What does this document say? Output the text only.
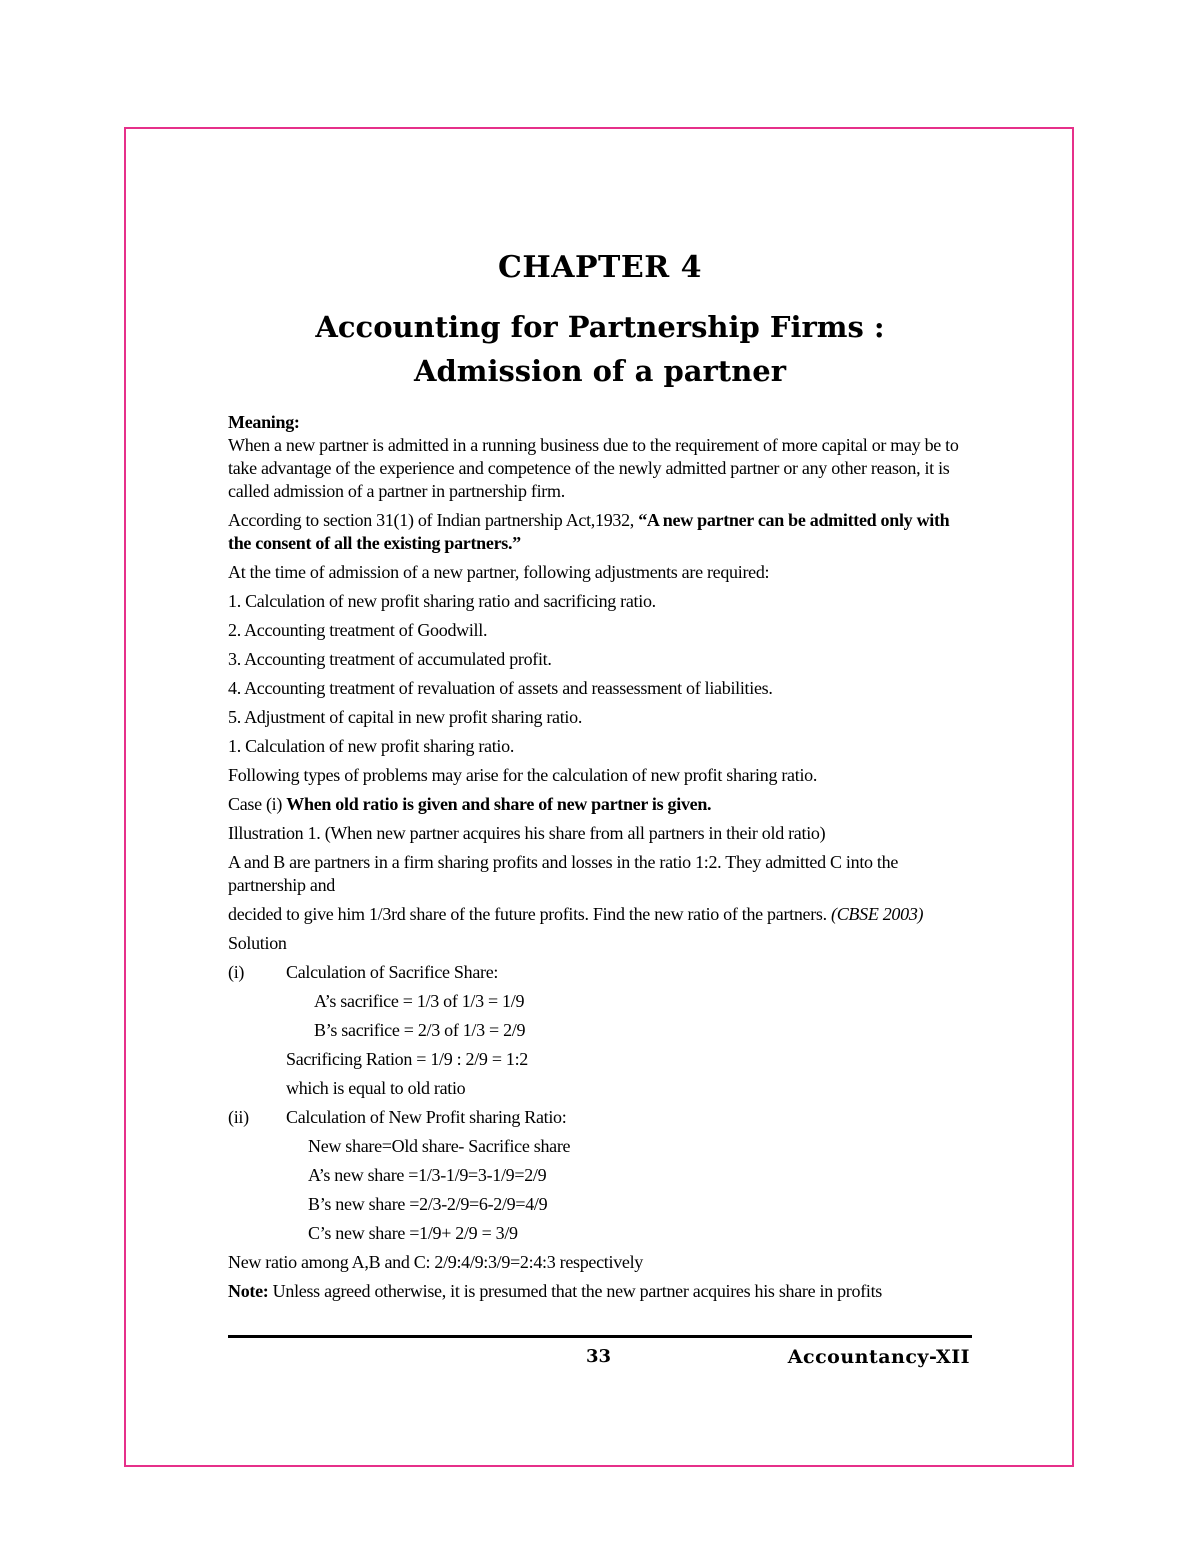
CHAPTER 4
Accounting for Partnership Firms :
Admission of a partner
Meaning:

When a new partner is admitted in a running business due to the requirement of more capital or may be to take advantage of the experience and competence of the newly admitted partner or any other reason, it is called admission of a partner in partnership firm.

According to section 31(1) of Indian partnership Act,1932, “A new partner can be admitted only with the consent of all the existing partners.”

At the time of admission of a new partner, following adjustments are required:

1. Calculation of new profit sharing ratio and sacrificing ratio.

2. Accounting treatment of Goodwill.

3. Accounting treatment of accumulated profit.

4. Accounting treatment of revaluation of assets and reassessment of liabilities.

5. Adjustment of capital in new profit sharing ratio.

1. Calculation of new profit sharing ratio.

Following types of problems may arise for the calculation of new profit sharing ratio.

Case (i) When old ratio is given and share of new partner is given.

Illustration 1. (When new partner acquires his share from all partners in their old ratio)

A and B are partners in a firm sharing profits and losses in the ratio 1:2. They admitted C into the partnership and

decided to give him 1/3rd share of the future profits. Find the new ratio of the partners. (CBSE 2003)

Solution

(i)	Calculation of Sacrifice Share:

A’s sacrifice = 1/3 of 1/3 = 1/9

B’s sacrifice = 2/3 of 1/3 = 2/9

Sacrificing Ration = 1/9 : 2/9 = 1:2

which is equal to old ratio

(ii)	Calculation of New Profit sharing Ratio:

New share=Old share- Sacrifice share

A’s new share =1/3-1/9=3-1/9=2/9

B’s new share =2/3-2/9=6-2/9=4/9

C’s new share =1/9+ 2/9 = 3/9

New ratio among A,B and C: 2/9:4/9:3/9=2:4:3 respectively

Note: Unless agreed otherwise, it is presumed that the new partner acquires his share in profits

33	Accountancy-XII
